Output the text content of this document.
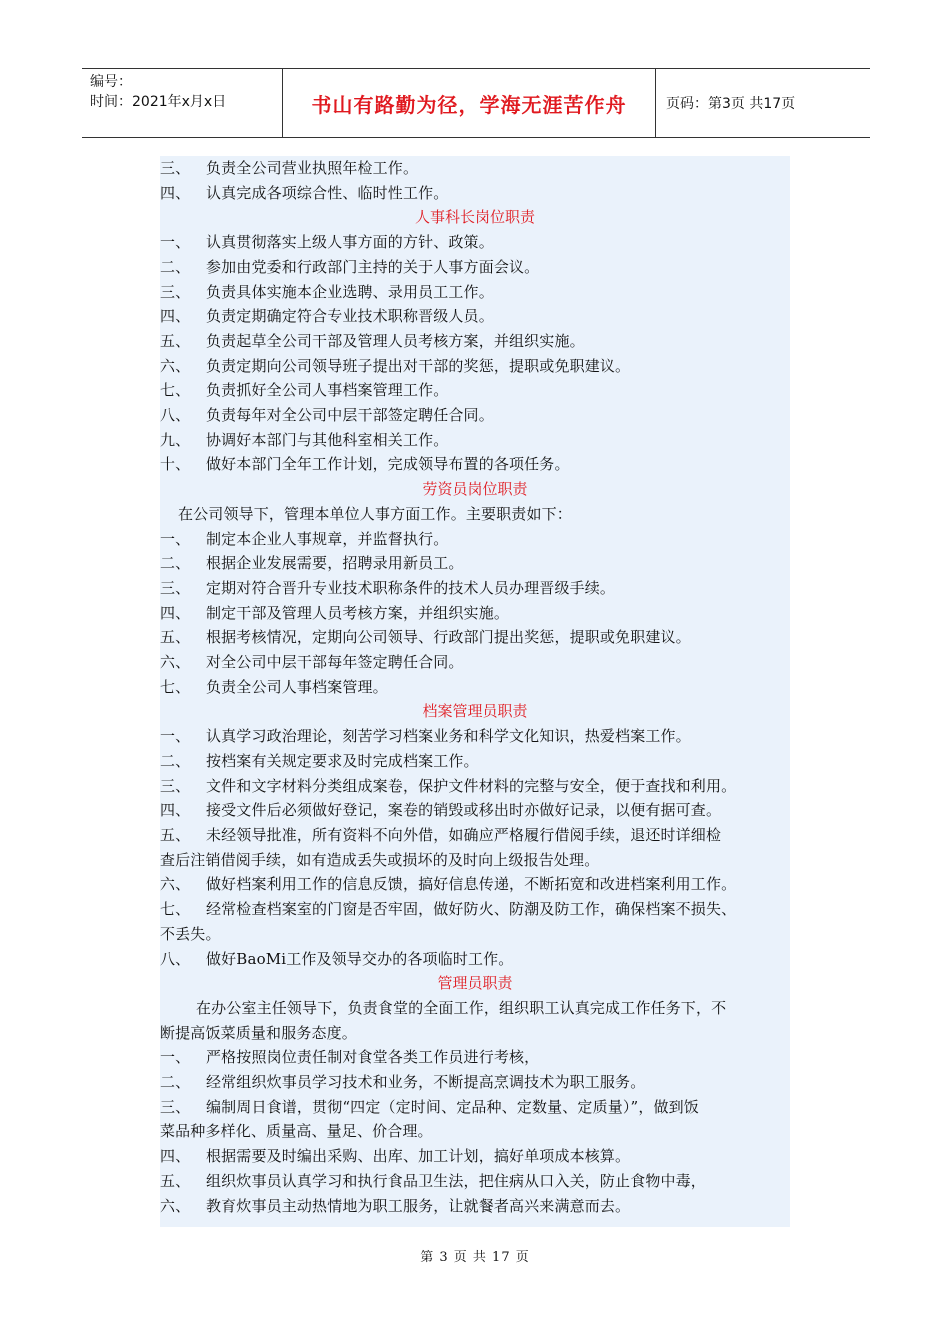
编号：
时间：2021年x月x日	书山有路勤为径，学海无涯苦作舟	页码：第3页 共17页
三、 负责全公司营业执照年检工作。
四、 认真完成各项综合性、临时性工作。
人事科长岗位职责
一、 认真贯彻落实上级人事方面的方针、政策。
二、 参加由党委和行政部门主持的关于人事方面会议。
三、 负责具体实施本企业选聘、录用员工工作。
四、 负责定期确定符合专业技术职称晋级人员。
五、 负责起草全公司干部及管理人员考核方案，并组织实施。
六、 负责定期向公司领导班子提出对干部的奖惩，提职或免职建议。
七、 负责抓好全公司人事档案管理工作。
八、 负责每年对全公司中层干部签定聘任合同。
九、 协调好本部门与其他科室相关工作。
十、 做好本部门全年工作计划，完成领导布置的各项任务。
劳资员岗位职责
在公司领导下，管理本单位人事方面工作。主要职责如下：
一、 制定本企业人事规章，并监督执行。
二、 根据企业发展需要，招聘录用新员工。
三、 定期对符合晋升专业技术职称条件的技术人员办理晋级手续。
四、 制定干部及管理人员考核方案，并组织实施。
五、 根据考核情况，定期向公司领导、行政部门提出奖惩，提职或免职建议。
六、 对全公司中层干部每年签定聘任合同。
七、 负责全公司人事档案管理。
档案管理员职责
一、 认真学习政治理论，刻苦学习档案业务和科学文化知识，热爱档案工作。
二、 按档案有关规定要求及时完成档案工作。
三、 文件和文字材料分类组成案卷，保护文件材料的完整与安全，便于查找和利用。
四、 接受文件后必须做好登记，案卷的销毁或移出时亦做好记录，以便有据可查。
五、 未经领导批准，所有资料不向外借，如确应严格履行借阅手续，退还时详细检
查后注销借阅手续，如有造成丢失或损坏的及时向上级报告处理。
六、 做好档案利用工作的信息反馈，搞好信息传递，不断拓宽和改进档案利用工作。
七、 经常检查档案室的门窗是否牢固，做好防火、防潮及防工作，确保档案不损失、
不丢失。
八、 做好BaoMi工作及领导交办的各项临时工作。
管理员职责
在办公室主任领导下，负责食堂的全面工作，组织职工认真完成工作任务下，不
断提高饭菜质量和服务态度。
一、 严格按照岗位责任制对食堂各类工作员进行考核，
二、 经常组织炊事员学习技术和业务，不断提高烹调技术为职工服务。
三、 编制周日食谱，贯彻“四定（定时间、定品种、定数量、定质量）”，做到饭
菜品种多样化、质量高、量足、价合理。
四、 根据需要及时编出采购、出库、加工计划，搞好单项成本核算。
五、 组织炊事员认真学习和执行食品卫生法，把住病从口入关，防止食物中毒，
六、 教育炊事员主动热情地为职工服务，让就餐者高兴来满意而去。
第 3 页 共 17 页
